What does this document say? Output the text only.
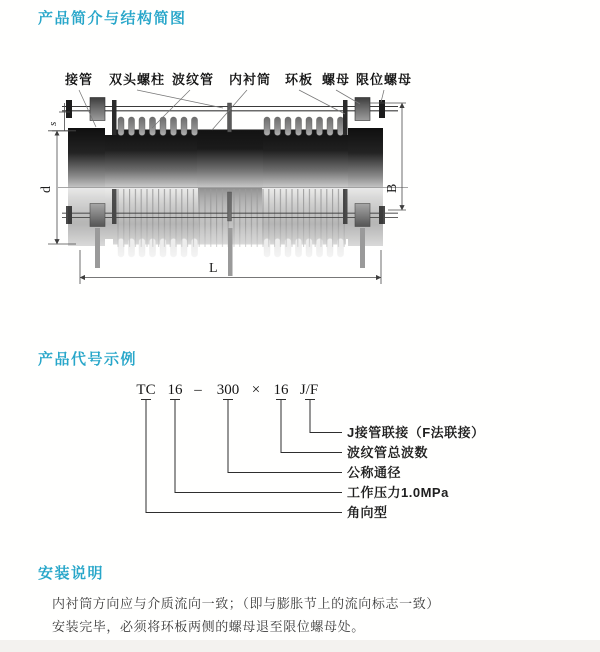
产品简介与结构简图
产品代号示例
安装说明
内衬筒方向应与介质流向一致；（即与膨胀节上的流向标志一致）
安装完毕，必须将环板两侧的螺母退至限位螺母处。
s
d	B
L
接管 双头螺柱 波纹管 内衬筒 环板 螺母 限位螺母
TC 16 – 300 × 16 J/F
J接管联接（F法联接）
波纹管总波数
公称通径
工作压力1.0MPa
角向型
